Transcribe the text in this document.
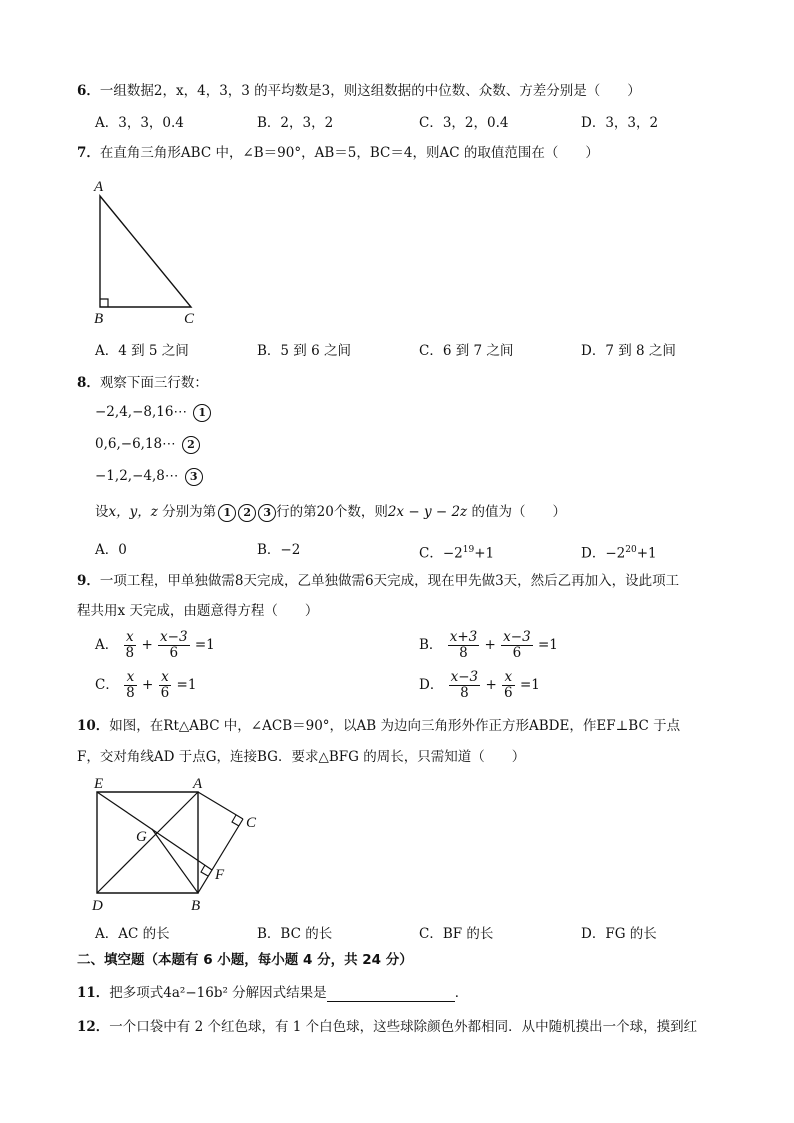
6．一组数据2，x，4，3，3 的平均数是3，则这组数据的中位数、众数、方差分别是（　　）
A．3，3，0.4	B．2，3，2	C．3，2，0.4	D．3，3，2
7．在直角三角形ABC 中，∠B＝90°，AB＝5，BC＝4，则AC 的取值范围在（　　）
A
B	C
A．4 到 5 之间	B．5 到 6 之间	C．6 到 7 之间	D．7 到 8 之间
8．观察下面三行数：
−2,4,−8,16⋯ 1
0,6,−6,18⋯ 2
−1,2,−4,8⋯ 3
设x，y，z 分别为第 1 2 3 行的第20个数，则2x − y − 2z 的值为（　　）
A．0	B．−2	C．$-2^{19}+1$	D．$-2^{20}+1$
9．一项工程，甲单独做需8天完成，乙单独做需6天完成，现在甲先做3天，然后乙再加入，设此项工
程共用x 天完成，由题意得方程（　　）
A． $\frac{x}{8} + \frac{x-3}{6} =1$	B． $\frac{x+3}{8} + \frac{x-3}{6} =1$
C． $\frac{x}{8} + \frac{x}{6} =1$	D． $\frac{x-3}{8} + \frac{x}{6} =1$
10．如图，在Rt△ABC 中，∠ACB＝90°，以AB 为边向三角形外作正方形ABDE，作EF⊥BC 于点
F，交对角线AD 于点G，连接BG．要求△BFG 的周长，只需知道（　　）
E	A
C
G
F
D	B
A．AC 的长	B．BC 的长	C．BF 的长	D．FG 的长
二、填空题（本题有 6 小题，每小题 4 分，共 24 分）
11．把多项式4a²−16b² 分解因式结果是	．
12．一个口袋中有 2 个红色球，有 1 个白色球，这些球除颜色外都相同．从中随机摸出一个球，摸到红
